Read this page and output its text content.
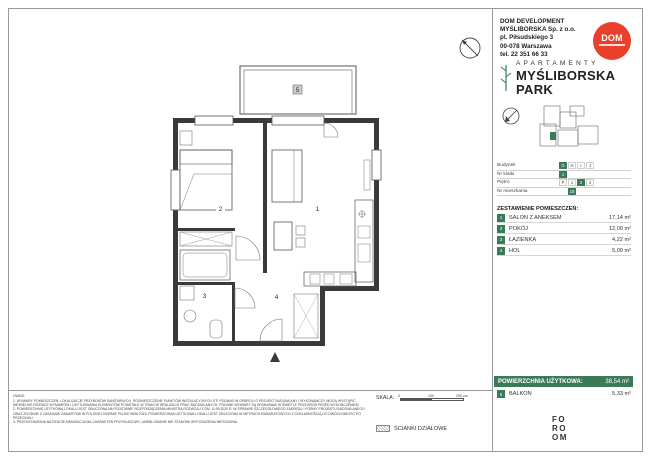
1
2
3	4
5
DOM DEVELOPMENT
MYŚLIBORSKA Sp. z o.o.
pl. Piłsudskiego 3
00-078 Warszawa
tel. 22 351 66 33
DOM
APARTAMENTY
MYŚLIBORSKA
PARK
Budynek	G	H	I	J
Nr klatki	1
Piętro	P	1	2	3
Nr mieszkania	16
ZESTAWIENIE POMIESZCZEŃ:
1	SALON Z ANEKSEM	17,14 m²
2	POKÓJ	12,09 m²
3	ŁAZIENKA	4,22 m²
4	HOL	5,09 m²
POWIERZCHNIA UŻYTKOWA:	38,54 m²
5	BALKON	5,33 m²
FO
RO
OM

UWAGI:

1. WYMIARY POMIESZCZEŃ, LOKALIZACJE PRZYBORÓW SANITARNYCH, ROZMIESZCZENIE PUNKTÓW INSTALACYJNYCH ITP. PODANO W OPARCIU O PROJEKT BUDOWLANY I WYKONAWCZY, MOGĄ WYSTĄPIĆ NIEWIELKIE RÓŻNICE WYMIARÓW I USYTUOWANIA ELEMENTÓW POWSTAŁE W TRAKCIE REALIZACJI PRAC BUDOWLANYCH. PODANE WYMIARY SĄ WYMIARAMI W ŚWIETLE PRZEGRÓD PRZED WYKOŃCZENIEM.

2. POWIERZCHNIĘ UŻYTKOWĄ LOKALU JEST OBLICZONA NA PODSTAWIE ROZPORZĄDZENIA MINISTRA ROZWOJU Z DN. 11.09.2020 R. W SPRAWIE SZCZEGÓŁOWEGO ZAKRESU I FORMY PROJEKTU BUDOWLANEGO ORAZ ZGODNIE Z ZASADAMI ZAWARTYMI W POLSKIEJ NORMIE PN-ISO 9836:2015. POWIERZCHNIA UŻYTKOWA LOKALU JEST OBLICZONA W METRACH KWADRATOWYCH Z DOKŁADNOŚCIĄ DO DWÓCH MIEJSC PO PRZECINKU.

3. PRZEDSTAWIONA NA RZUCIE ARANŻACJA MA CHARAKTER PRZYKŁADOWY, UMEBLOWANIE NIE STANOWI WYPOSAŻENIA MIESZKANIA.

SKALA: 0	100	200 cm
ŚCIANKI DZIAŁOWE
